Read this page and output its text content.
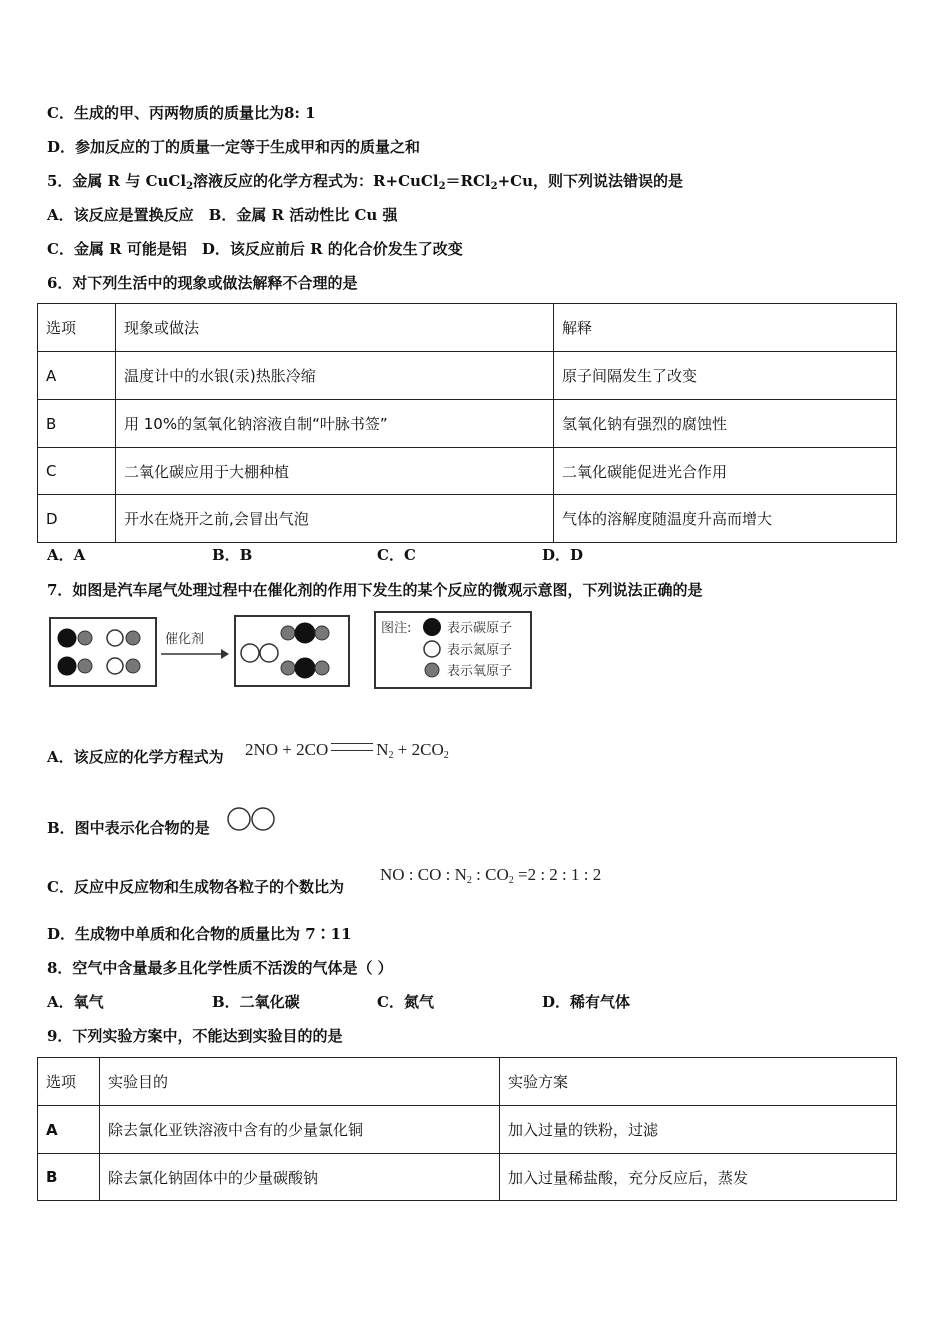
C．生成的甲、丙两物质的质量比为8: 1
D．参加反应的丁的质量一定等于生成甲和丙的质量之和
5．金属 R 与 CuCl$_2$溶液反应的化学方程式为：R+CuCl$_2$＝RCl$_2$+Cu，则下列说法错误的是
A．该反应是置换反应　B．金属 R 活动性比 Cu 强
C．金属 R 可能是铝　D．该反应前后 R 的化合价发生了改变
6．对下列生活中的现象或做法解释不合理的是
选项	现象或做法	解释
A	温度计中的水银(汞)热胀冷缩	原子间隔发生了改变
B	用 10%的氢氧化钠溶液自制“叶脉书签”	氢氧化钠有强烈的腐蚀性
C	二氧化碳应用于大棚种植	二氧化碳能促进光合作用
D	开水在烧开之前,会冒出气泡	气体的溶解度随温度升高而增大
A．A	B．B	C．C	D．D
7．如图是汽车尾气处理过程中在催化剂的作用下发生的某个反应的微观示意图，下列说法正确的是
催化剂
图注:	表示碳原子
表示氮原子
表示氧原子
A．该反应的化学方程式为 2NO + 2CO	$N_2 + 2CO_2$
B．图中表示化合物的是
C．反应中反应物和生成物各粒子的个数比为
NO : CO : $N_2$ : $CO_2 =2$ : 2 : 1 : 2
D．生成物中单质和化合物的质量比为 7∶11
8．空气中含量最多且化学性质不活泼的气体是（ ）
A．氧气	B．二氧化碳	C．氮气	D．稀有气体
9．下列实验方案中，不能达到实验目的的是
选项	实验目的	实验方案
A	除去氯化亚铁溶液中含有的少量氯化铜	加入过量的铁粉，过滤
B	除去氯化钠固体中的少量碳酸钠	加入过量稀盐酸，充分反应后，蒸发
